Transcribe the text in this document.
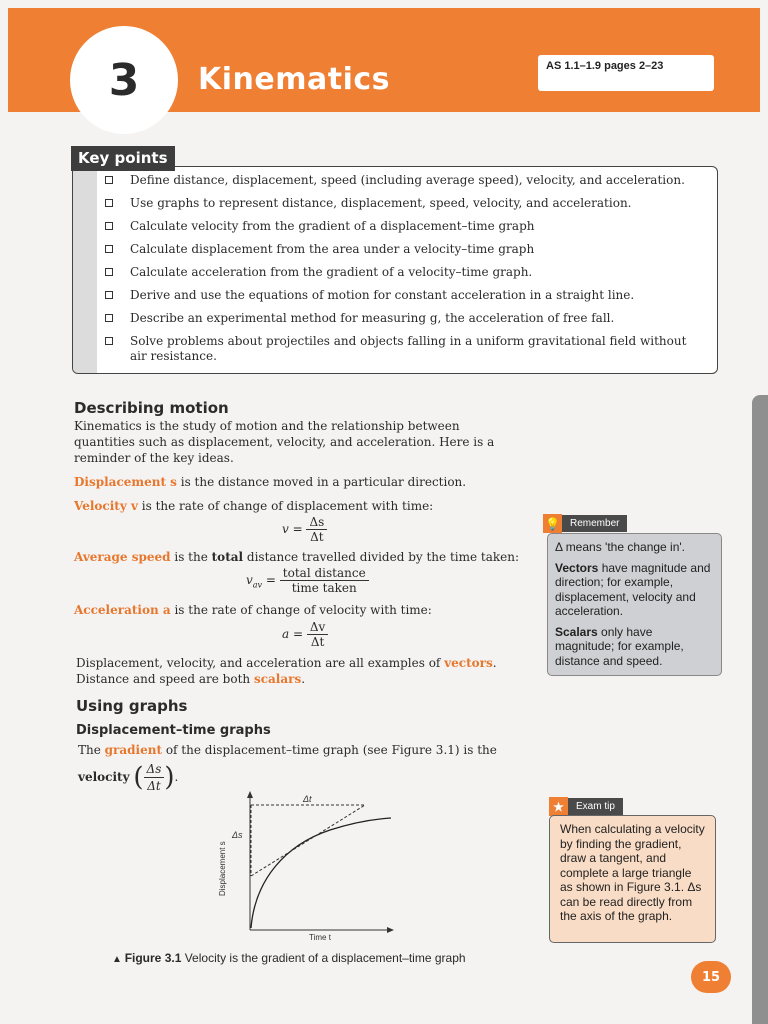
3	Kinematics	AS 1.1–1.9 pages 2–23
Define distance, displacement, speed (including average speed), velocity, and acceleration.
Use graphs to represent distance, displacement, speed, velocity, and acceleration.
Calculate velocity from the gradient of a displacement–time graph
Calculate displacement from the area under a velocity–time graph
Calculate acceleration from the gradient of a velocity–time graph.
Derive and use the equations of motion for constant acceleration in a straight line.
Describe an experimental method for measuring g, the acceleration of free fall.
Solve problems about projectiles and objects falling in a uniform gravitational field without air resistance.
Key points
Describing motion
Kinematics is the study of motion and the relationship between quantities such as displacement, velocity, and acceleration. Here is a reminder of the key ideas.
Displacement s is the distance moved in a particular direction.
Velocity v is the rate of change of displacement with time:
$v = \frac{\Delta s}{\Delta t}$
Average speed is the total distance travelled divided by the time taken:
$v_{av} = \frac{\text{total distance}}{\text{time taken}}$
Acceleration a is the rate of change of velocity with time:
$a = \frac{\Delta v}{\Delta t}$
Displacement, velocity, and acceleration are all examples of vectors. Distance and speed are both scalars.
Using graphs
Displacement–time graphs
The gradient of the displacement–time graph (see Figure 3.1) is the
velocity ( $\frac{\Delta s}{\Delta t}$ ).
Δt
Δs
Displacement s
Time t
▲ Figure 3.1 Velocity is the gradient of a displacement–time graph
💡 Remember
Δ means 'the change in'.
Vectors have magnitude and direction; for example, displacement, velocity and acceleration.
Scalars only have magnitude; for example, distance and speed.
★	Exam tip
When calculating a velocity by finding the gradient, draw a tangent, and complete a large triangle as shown in Figure 3.1. Δs can be read directly from the axis of the graph.
15
